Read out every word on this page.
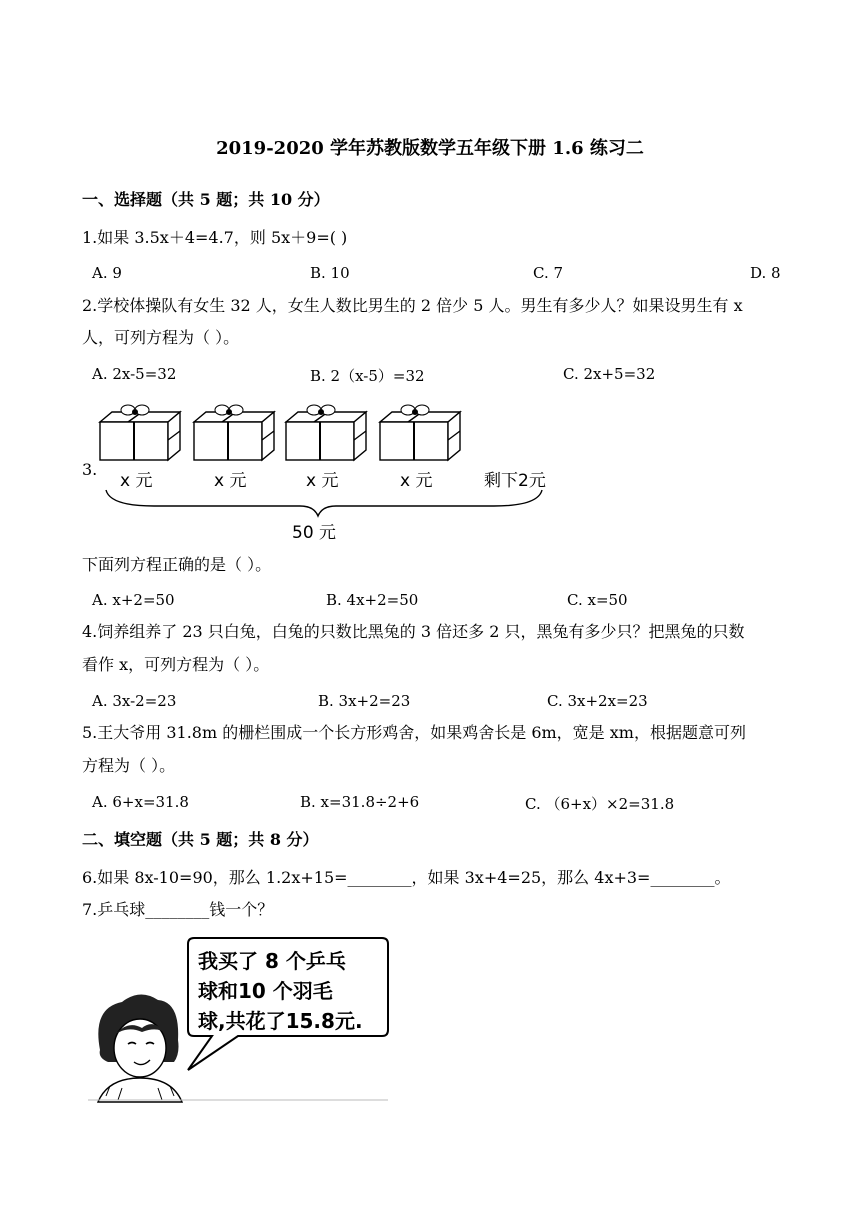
2019-2020 学年苏教版数学五年级下册 1.6 练习二
一、选择题（共 5 题；共 10 分）
1.如果 3.5x＋4=4.7，则 5x＋9=( )
A. 9	B. 10	C. 7	D. 8
2.学校体操队有女生 32 人，女生人数比男生的 2 倍少 5 人。男生有多少人？如果设男生有 x
人，可列方程为（ ）。
A. 2x-5=32	B. 2（x-5）=32	C. 2x+5=32
3.
x 元	x 元	x 元	x 元	剩下2元
50 元
下面列方程正确的是（ ）。
A. x+2=50	B. 4x+2=50	C. x=50
4.饲养组养了 23 只白兔，白兔的只数比黑兔的 3 倍还多 2 只，黑兔有多少只？把黑兔的只数
看作 x，可列方程为（ ）。
A. 3x-2=23	B. 3x+2=23	C. 3x+2x=23
5.王大爷用 31.8m 的栅栏围成一个长方形鸡舍，如果鸡舍长是 6m，宽是 xm，根据题意可列
方程为（ ）。
A. 6+x=31.8	B. x=31.8÷2+6	C. （6+x）×2=31.8
二、填空题（共 5 题；共 8 分）
6.如果 8x-10=90，那么 1.2x+15=________，如果 3x+4=25，那么 4x+3=________。
7.乒乓球________钱一个？
我买了 8 个乒乓
球和10 个羽毛
球,共花了15.8元.
